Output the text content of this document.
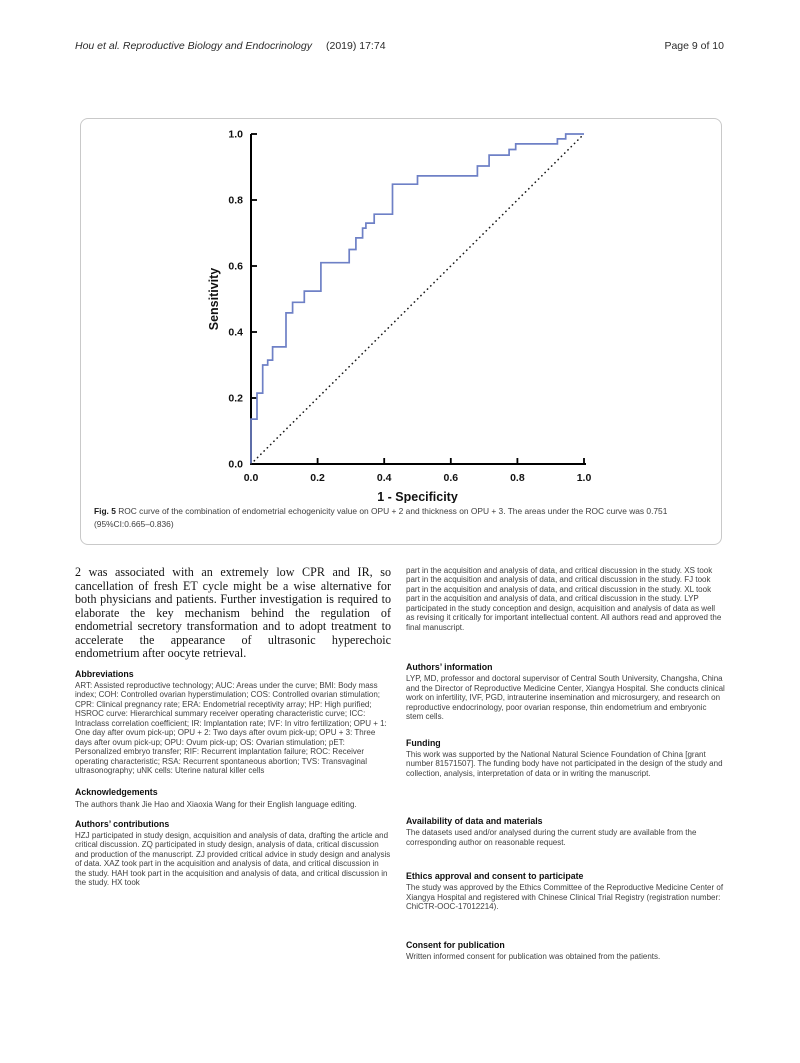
Hou et al. Reproductive Biology and Endocrinology (2019) 17:74	Page 9 of 10
0.0	0.2	0.4	0.6	0.8	1.0
0.0
0.2
0.4
0.6
0.8
1.0
1 - Specificity
Sensitivity

Fig. 5 ROC curve of the combination of endometrial echogenicity value on OPU + 2 and thickness on OPU + 3. The areas under the ROC curve was 0.751 (95%CI:0.665–0.836)

2 was associated with an extremely low CPR and IR, so cancellation of fresh ET cycle might be a wise alternative for both physicians and patients. Further investigation is required to elaborate the key mechanism behind the regulation of endometrial secretory transformation and to adopt treatment to accelerate the appearance of ultrasonic hyperechoic endometrium after oocyte retrieval.

Abbreviations

ART: Assisted reproductive technology; AUC: Areas under the curve; BMI: Body mass index; COH: Controlled ovarian hyperstimulation; COS: Controlled ovarian stimulation; CPR: Clinical pregnancy rate; ERA: Endometrial receptivity array; HP: High purified; HSROC curve: Hierarchical summary receiver operating characteristic curve; ICC: Intraclass correlation coefficient; IR: Implantation rate; IVF: In vitro fertilization; OPU + 1: One day after ovum pick-up; OPU + 2: Two days after ovum pick-up; OPU + 3: Three days after ovum pick-up; OPU: Ovum pick-up; OS: Ovarian stimulation; pET: Personalized embryo transfer; RIF: Recurrent implantation failure; ROC: Receiver operating characteristic; RSA: Recurrent spontaneous abortion; TVS: Transvaginal ultrasonography; uNK cells: Uterine natural killer cells

Acknowledgements

The authors thank Jie Hao and Xiaoxia Wang for their English language editing.

Authors’ contributions

HZJ participated in study design, acquisition and analysis of data, drafting the article and critical discussion. ZQ participated in study design, analysis of data, critical discussion and production of the manuscript. ZJ provided critical advice in study design and analysis of data. XAZ took part in the acquisition and analysis of data, and critical discussion in the study. HAH took part in the acquisition and analysis of data, and critical discussion in the study. HX took

part in the acquisition and analysis of data, and critical discussion in the study. XS took part in the acquisition and analysis of data, and critical discussion in the study. FJ took part in the acquisition and analysis of data, and critical discussion in the study. XL took part in the acquisition and analysis of data, and critical discussion in the study. LYP participated in the study conception and design, acquisition and analysis of data as well as revising it critically for important intellectual content. All authors read and approved the final manuscript.

Authors’ information

LYP, MD, professor and doctoral supervisor of Central South University, Changsha, China and the Director of Reproductive Medicine Center, Xiangya Hospital. She conducts clinical work on infertility, IVF, PGD, intrauterine insemination and microsurgery, and research on reproductive endocrinology, poor ovarian response, thin endometrium and embryonic stem cells.

Funding

This work was supported by the National Natural Science Foundation of China [grant number 81571507]. The funding body have not participated in the design of the study and collection, analysis, interpretation of data or in writing the manuscript.

Availability of data and materials

The datasets used and/or analysed during the current study are available from the corresponding author on reasonable request.

Ethics approval and consent to participate

The study was approved by the Ethics Committee of the Reproductive Medicine Center of Xiangya Hospital and registered with Chinese Clinical Trial Registry (registration number: ChiCTR-OOC-17012214).

Consent for publication

Written informed consent for publication was obtained from the patients.
